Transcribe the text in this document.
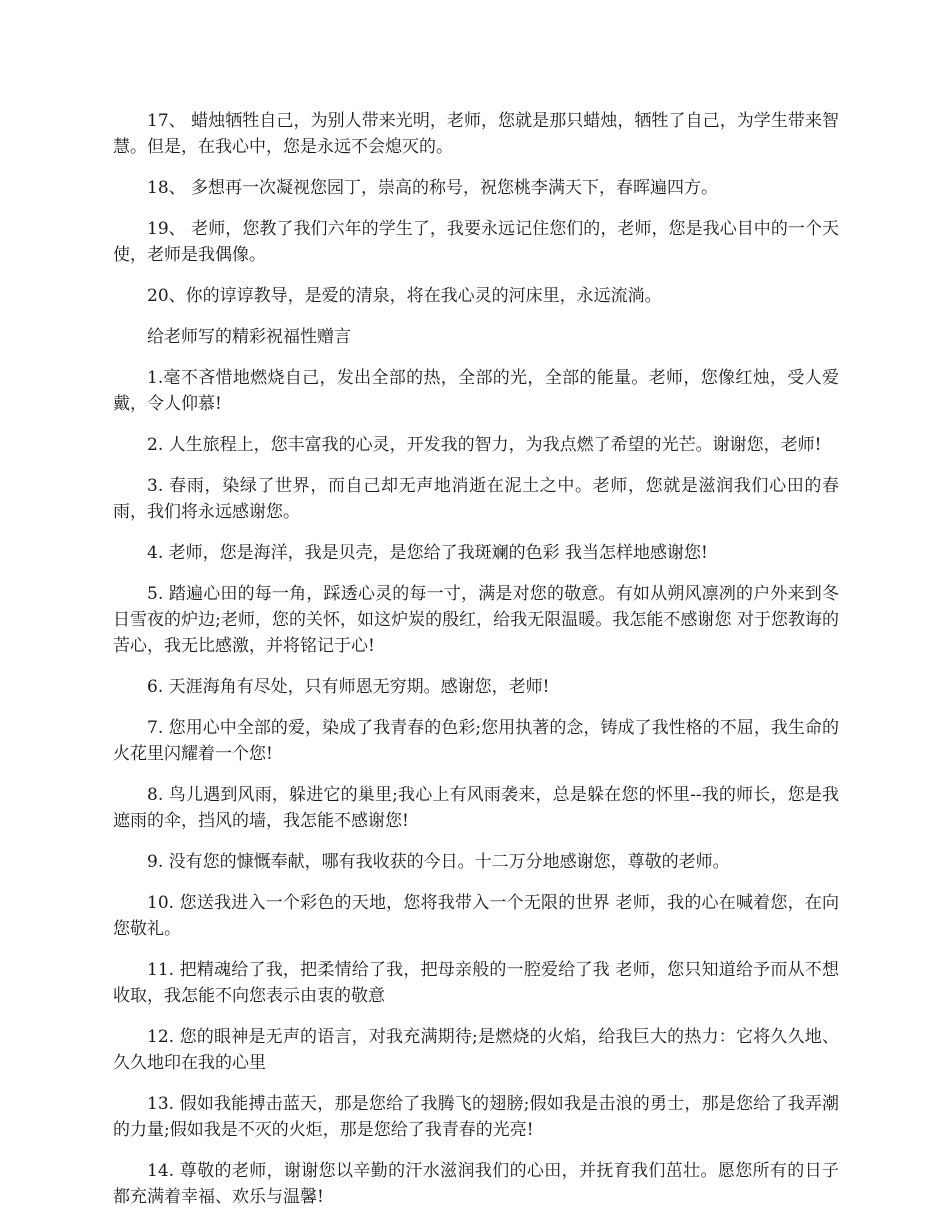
17、 蜡烛牺牲自己，为别人带来光明，老师，您就是那只蜡烛，牺牲了自己，为学生带来智慧。但是，在我心中，您是永远不会熄灭的。

18、 多想再一次凝视您园丁，崇高的称号，祝您桃李满天下，春晖遍四方。

19、 老师，您教了我们六年的学生了，我要永远记住您们的，老师，您是我心目中的一个天使，老师是我偶像。

20、你的谆谆教导，是爱的清泉，将在我心灵的河床里，永远流淌。

给老师写的精彩祝福性赠言

1.毫不吝惜地燃烧自己，发出全部的热，全部的光，全部的能量。老师，您像红烛，受人爱戴，令人仰慕!

2. 人生旅程上，您丰富我的心灵，开发我的智力，为我点燃了希望的光芒。谢谢您，老师!

3. 春雨，染绿了世界，而自己却无声地消逝在泥土之中。老师，您就是滋润我们心田的春雨，我们将永远感谢您。

4. 老师，您是海洋，我是贝壳，是您给了我斑斓的色彩 我当怎样地感谢您!

5. 踏遍心田的每一角，踩透心灵的每一寸，满是对您的敬意。有如从朔风凛冽的户外来到冬日雪夜的炉边;老师，您的关怀，如这炉炭的殷红，给我无限温暖。我怎能不感谢您 对于您教诲的苦心，我无比感激，并将铭记于心!

6. 天涯海角有尽处，只有师恩无穷期。感谢您，老师!

7. 您用心中全部的爱，染成了我青春的色彩;您用执著的念，铸成了我性格的不屈，我生命的火花里闪耀着一个您!

8. 鸟儿遇到风雨，躲进它的巢里;我心上有风雨袭来，总是躲在您的怀里--我的师长，您是我遮雨的伞，挡风的墙，我怎能不感谢您!

9. 没有您的慷慨奉献，哪有我收获的今日。十二万分地感谢您，尊敬的老师。

10. 您送我进入一个彩色的天地，您将我带入一个无限的世界 老师，我的心在喊着您，在向您敬礼。

11. 把精魂给了我，把柔情给了我，把母亲般的一腔爱给了我 老师，您只知道给予而从不想收取，我怎能不向您表示由衷的敬意

12. 您的眼神是无声的语言，对我充满期待;是燃烧的火焰，给我巨大的热力：它将久久地、久久地印在我的心里

13. 假如我能搏击蓝天，那是您给了我腾飞的翅膀;假如我是击浪的勇士，那是您给了我弄潮的力量;假如我是不灭的火炬，那是您给了我青春的光亮!

14. 尊敬的老师，谢谢您以辛勤的汗水滋润我们的心田，并抚育我们茁壮。愿您所有的日子都充满着幸福、欢乐与温馨!
